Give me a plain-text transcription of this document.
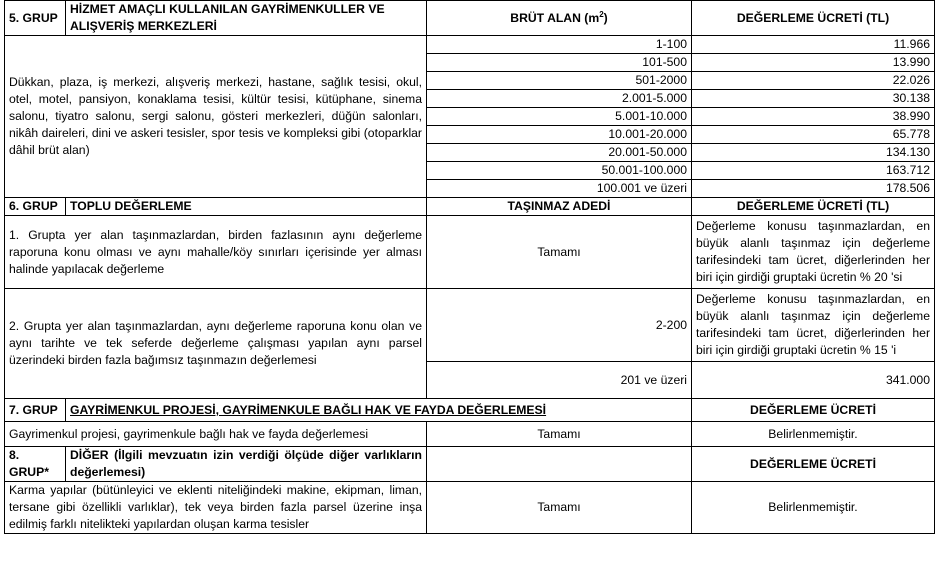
5. GRUP	HİZMET AMAÇLI KULLANILAN GAYRİMENKULLER VE ALIŞVERİŞ MERKEZLERİ	BRÜT ALAN $(m^2)$	DEĞERLEME ÜCRETİ (TL)
Dükkan, plaza, iş merkezi, alışveriş merkezi, hastane, sağlık tesisi, okul, otel, motel, pansiyon, konaklama tesisi, kültür tesisi, kütüphane, sinema salonu, tiyatro salonu, sergi salonu, gösteri merkezleri, düğün salonları, nikâh daireleri, dini ve askeri tesisler, spor tesis ve kompleksi gibi (otoparklar dâhil brüt alan)		1-100	11.966
		101-500	13.990
		501-2000	22.026
		2.001-5.000	30.138
		5.001-10.000	38.990
		10.001-20.000	65.778
		20.001-50.000	134.130
		50.001-100.000	163.712
		100.001 ve üzeri	178.506
6. GRUP	TOPLU DEĞERLEME	TAŞINMAZ ADEDİ	DEĞERLEME ÜCRETİ (TL)
1. Grupta yer alan taşınmazlardan, birden fazlasının aynı değerleme raporuna konu olması ve aynı mahalle/köy sınırları içerisinde yer alması halinde yapılacak değerleme		Tamamı	Değerleme konusu taşınmazlardan, en büyük alanlı taşınmaz için değerleme tarifesindeki tam ücret, diğerlerinden her biri için girdiği gruptaki ücretin % 20 'si
2. Grupta yer alan taşınmazlardan, aynı değerleme raporuna konu olan ve aynı tarihte ve tek seferde değerleme çalışması yapılan aynı parsel üzerindeki birden fazla bağımsız taşınmazın değerlemesi		2-200	Değerleme konusu taşınmazlardan, en büyük alanlı taşınmaz için değerleme tarifesindeki tam ücret, diğerlerinden her biri için girdiği gruptaki ücretin % 15 'i
		201 ve üzeri	341.000
7. GRUP	GAYRİMENKUL PROJESİ, GAYRİMENKULE BAĞLI HAK VE FAYDA DEĞERLEMESİ		DEĞERLEME ÜCRETİ
Gayrimenkul projesi, gayrimenkule bağlı hak ve fayda değerlemesi		Tamamı	Belirlenmemiştir.
8. GRUP*	DİĞER (İlgili mevzuatın izin verdiği ölçüde diğer varlıkların değerlemesi)		DEĞERLEME ÜCRETİ
Karma yapılar (bütünleyici ve eklenti niteliğindeki makine, ekipman, liman, tersane gibi özellikli varlıklar), tek veya birden fazla parsel üzerine inşa edilmiş farklı nitelikteki yapılardan oluşan karma tesisler		Tamamı	Belirlenmemiştir.
